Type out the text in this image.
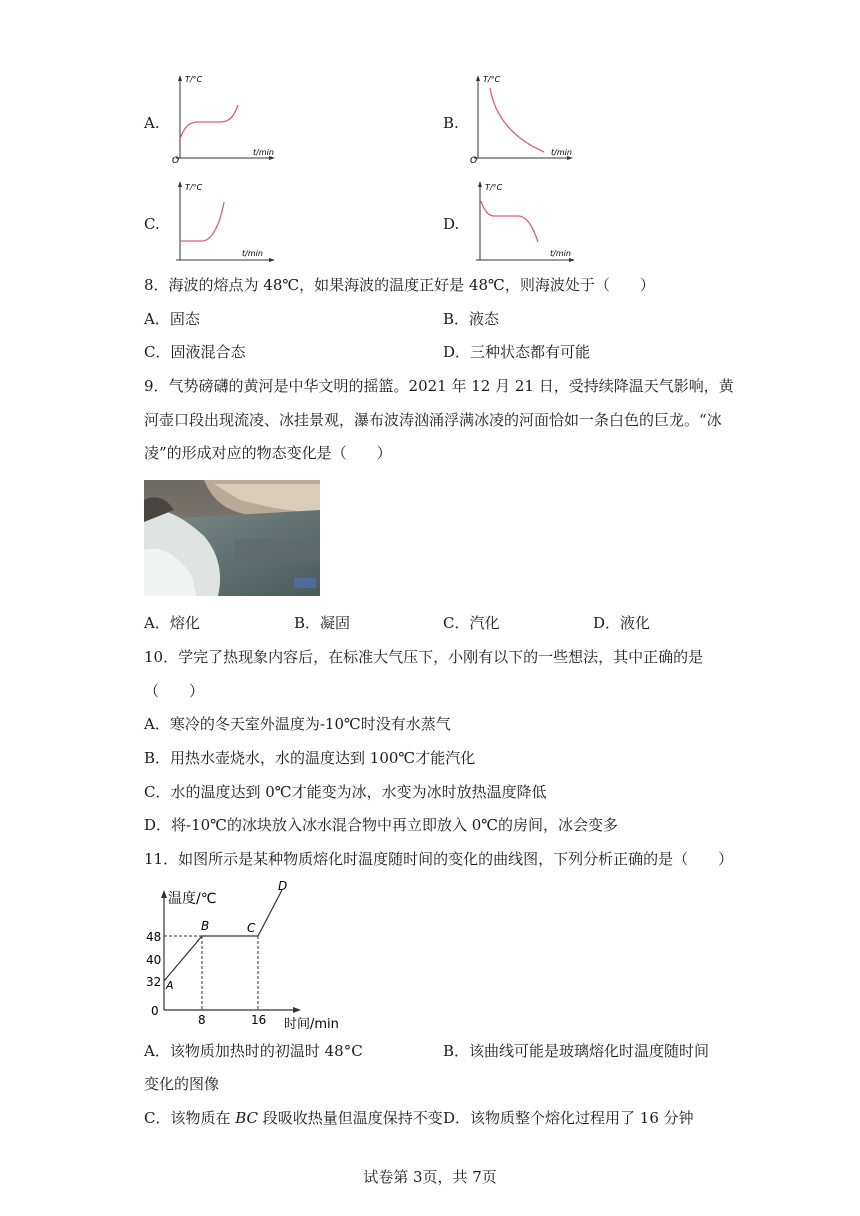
A.
T/°C
t/min
O
B.
T/°C
t/min
O
C.
T/°C
t/min
D.
T/°C
t/min
8．海波的熔点为 48℃，如果海波的温度正好是 48℃，则海波处于（　　）
A．固态	B．液态
C．固液混合态	D．三种状态都有可能
9．气势磅礴的黄河是中华文明的摇篮。2021 年 12 月 21 日，受持续降温天气影响，黄
河壶口段出现流凌、冰挂景观，瀑布波涛汹涌浮满冰凌的河面恰如一条白色的巨龙。“冰
凌”的形成对应的物态变化是（　　）
A．熔化	B．凝固	C．汽化	D．液化
10．学完了热现象内容后，在标准大气压下，小刚有以下的一些想法，其中正确的是
（　　）
A．寒冷的冬天室外温度为-10℃时没有水蒸气
B．用热水壶烧水，水的温度达到 100℃才能汽化
C．水的温度达到 0℃才能变为冰，水变为冰时放热温度降低
D．将-10℃的冰块放入冰水混合物中再立即放入 0℃的房间，冰会变多
11．如图所示是某种物质熔化时温度随时间的变化的曲线图，下列分析正确的是（　　）
温度/℃
时间/min
0
48
40
32
8	16
A
B	C
D
A．该物质加热时的初温时 48°C	B．该曲线可能是玻璃熔化时温度随时间
变化的图像
C．该物质在 BC 段吸收热量但温度保持不变 D．该物质整个熔化过程用了 16 分钟
试卷第 3页，共 7页
